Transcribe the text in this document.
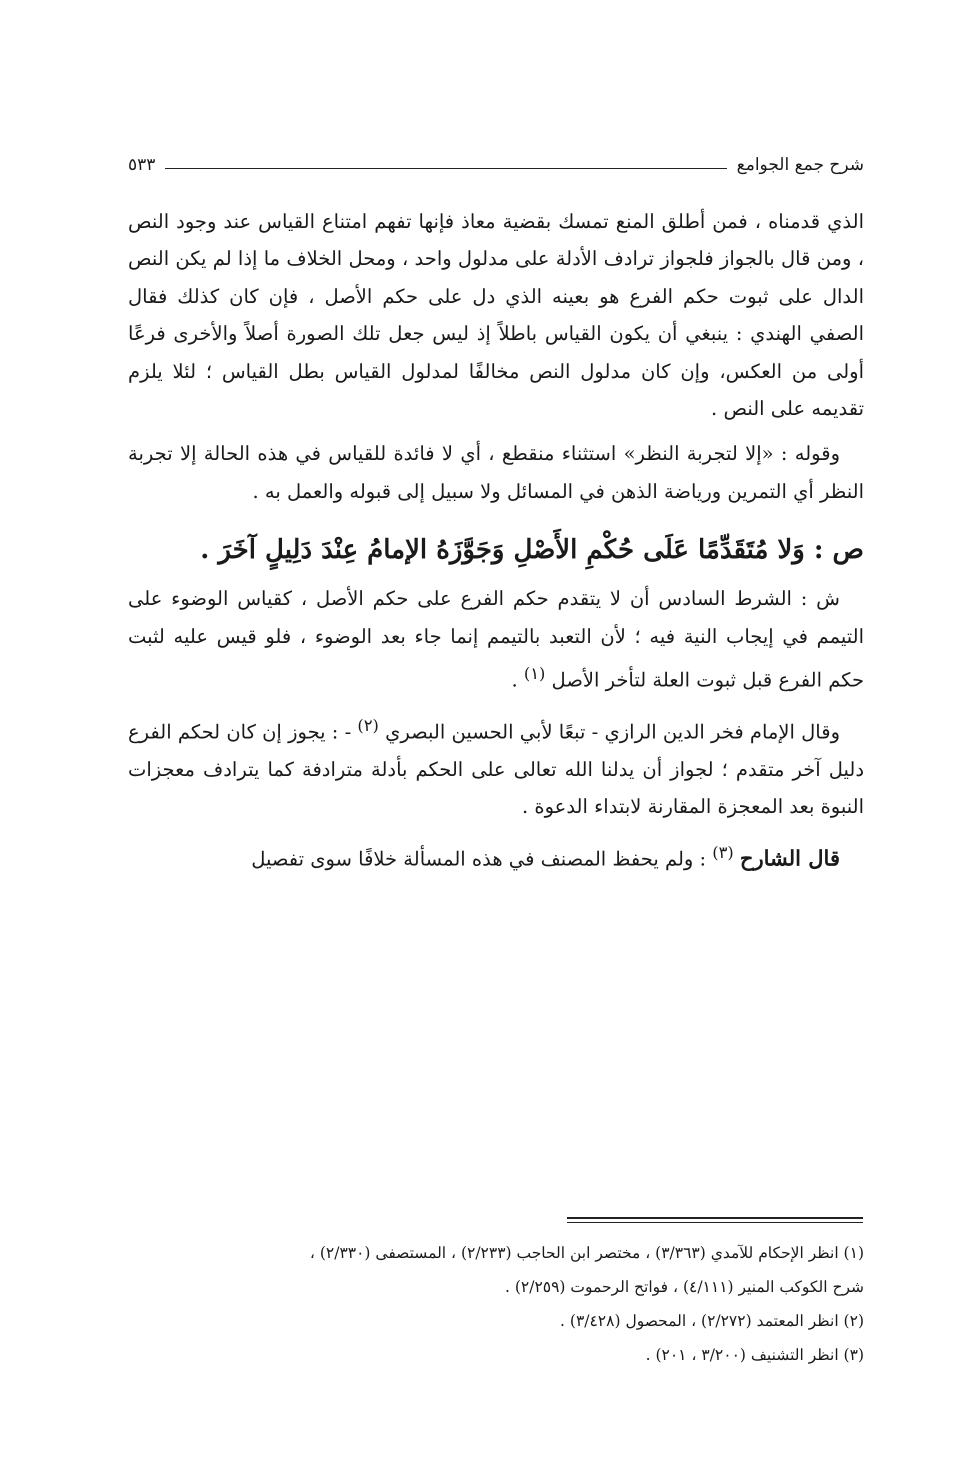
شرح جمع الجوامع
٥٣٣

الذي قدمناه ، فمن أطلق المنع تمسك بقضية معاذ فإنها تفهم امتناع القياس عند وجود النص ، ومن قال بالجواز فلجواز ترادف الأدلة على مدلول واحد ، ومحل الخلاف ما إذا لم يكن النص الدال على ثبوت حكم الفرع هو بعينه الذي دل على حكم الأصل ، فإن كان كذلك فقال الصفي الهندي : ينبغي أن يكون القياس باطلاً إذ ليس جعل تلك الصورة أصلاً والأخرى فرعًا أولى من العكس، وإن كان مدلول النص مخالفًا لمدلول القياس بطل القياس ؛ لئلا يلزم تقديمه على النص .

وقوله : «إلا لتجربة النظر» استثناء منقطع ، أي لا فائدة للقياس في هذه الحالة إلا تجربة النظر أي التمرين ورياضة الذهن في المسائل ولا سبيل إلى قبوله والعمل به .

ص : وَلا مُتَقَدِّمًا عَلَى حُكْمِ الأَصْلِ وَجَوَّزَهُ الإمامُ عِنْدَ دَلِيلٍ آخَرَ .

ش : الشرط السادس أن لا يتقدم حكم الفرع على حكم الأصل ، كقياس الوضوء على التيمم في إيجاب النية فيه ؛ لأن التعبد بالتيمم إنما جاء بعد الوضوء ، فلو قيس عليه لثبت حكم الفرع قبل ثبوت العلة لتأخر الأصل $^{(١)}$ .

وقال الإمام فخر الدين الرازي - تبعًا لأبي الحسين البصري $^{(٢)}$ - : يجوز إن كان لحكم الفرع دليل آخر متقدم ؛ لجواز أن يدلنا الله تعالى على الحكم بأدلة مترادفة كما يترادف معجزات النبوة بعد المعجزة المقارنة لابتداء الدعوة .

قال الشارح $^{(٣)}$ : ولم يحفظ المصنف في هذه المسألة خلافًا سوى تفصيل

(١) انظر الإحكام للآمدي (٣/٣٦٣) ، مختصر ابن الحاجب (٢/٢٣٣) ، المستصفى (٢/٣٣٠) ،

شرح الكوكب المنير (٤/١١١) ، فواتح الرحموت (٢/٢٥٩) .

(٢) انظر المعتمد (٢/٢٧٢) ، المحصول (٣/٤٢٨) .

(٣) انظر التشنيف (٣/٢٠٠ ، ٢٠١) .
